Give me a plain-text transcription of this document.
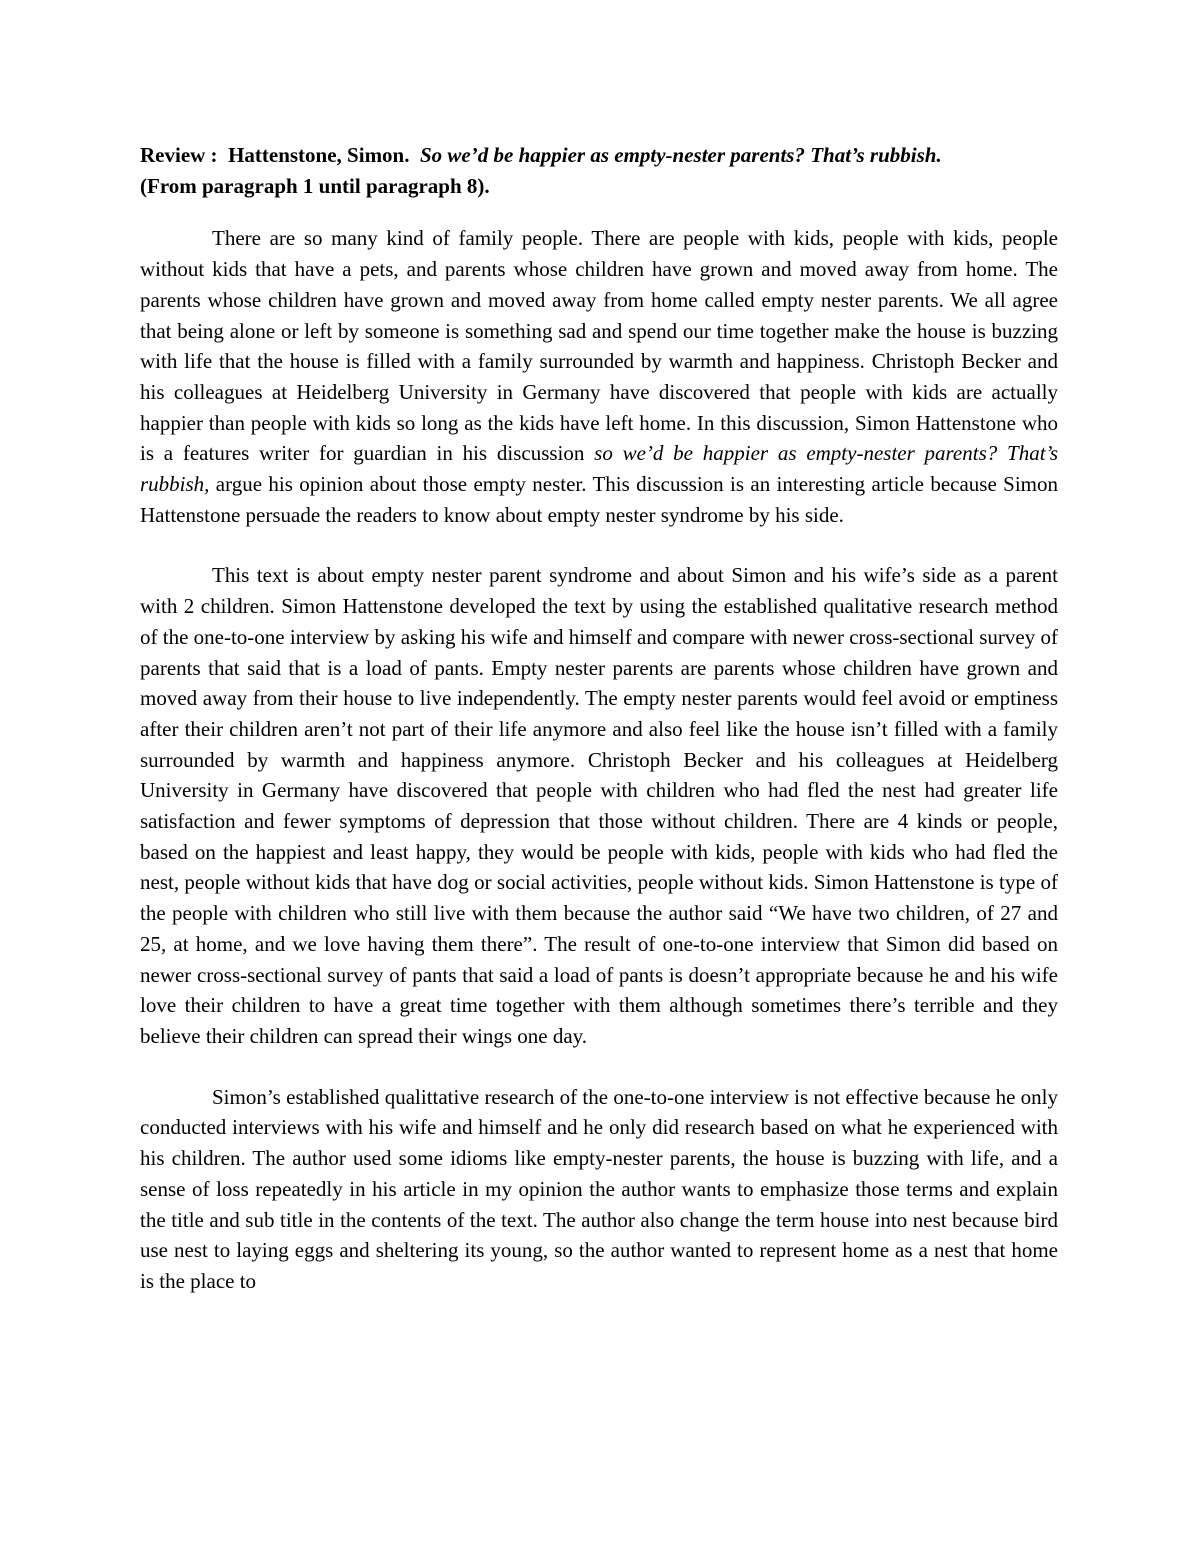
Review : Hattenstone, Simon. So we’d be happier as empty-nester parents? That’s rubbish.
(From paragraph 1 until paragraph 8).

There are so many kind of family people. There are people with kids, people with kids, people without kids that have a pets, and parents whose children have grown and moved away from home. The parents whose children have grown and moved away from home called empty nester parents. We all agree that being alone or left by someone is something sad and spend our time together make the house is buzzing with life that the house is filled with a family surrounded by warmth and happiness. Christoph Becker and his colleagues at Heidelberg University in Germany have discovered that people with kids are actually happier than people with kids so long as the kids have left home. In this discussion, Simon Hattenstone who is a features writer for guardian in his discussion so we’d be happier as empty-nester parents? That’s rubbish, argue his opinion about those empty nester. This discussion is an interesting article because Simon Hattenstone persuade the readers to know about empty nester syndrome by his side.

This text is about empty nester parent syndrome and about Simon and his wife’s side as a parent with 2 children. Simon Hattenstone developed the text by using the established qualitative research method of the one-to-one interview by asking his wife and himself and compare with newer cross-sectional survey of parents that said that is a load of pants. Empty nester parents are parents whose children have grown and moved away from their house to live independently. The empty nester parents would feel avoid or emptiness after their children aren’t not part of their life anymore and also feel like the house isn’t filled with a family surrounded by warmth and happiness anymore. Christoph Becker and his colleagues at Heidelberg University in Germany have discovered that people with children who had fled the nest had greater life satisfaction and fewer symptoms of depression that those without children. There are 4 kinds or people, based on the happiest and least happy, they would be people with kids, people with kids who had fled the nest, people without kids that have dog or social activities, people without kids. Simon Hattenstone is type of the people with children who still live with them because the author said “We have two children, of 27 and 25, at home, and we love having them there”. The result of one-to-one interview that Simon did based on newer cross-sectional survey of pants that said a load of pants is doesn’t appropriate because he and his wife love their children to have a great time together with them although sometimes there’s terrible and they believe their children can spread their wings one day.

Simon’s established qualittative research of the one-to-one interview is not effective because he only conducted interviews with his wife and himself and he only did research based on what he experienced with his children. The author used some idioms like empty-nester parents, the house is buzzing with life, and a sense of loss repeatedly in his article in my opinion the author wants to emphasize those terms and explain the title and sub title in the contents of the text. The author also change the term house into nest because bird use nest to laying eggs and sheltering its young, so the author wanted to represent home as a nest that home is the place to
